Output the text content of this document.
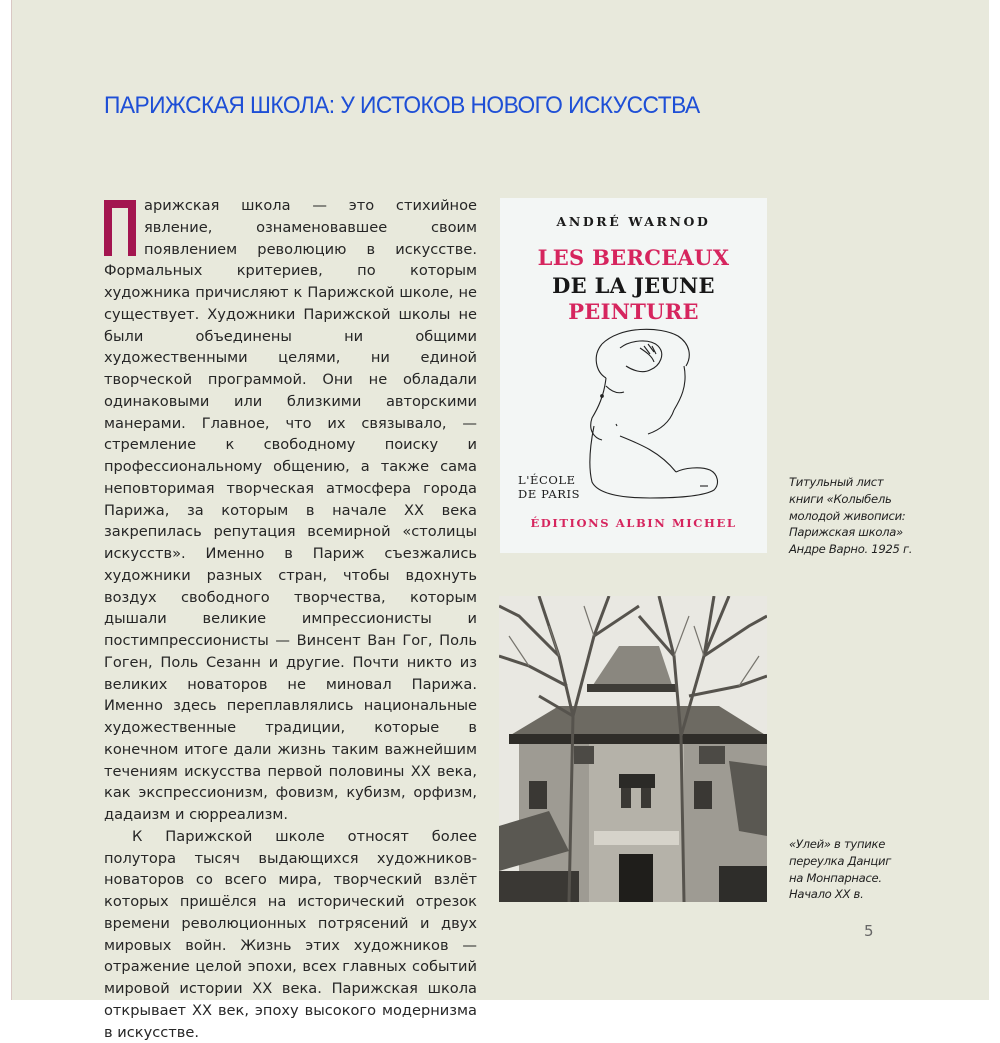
ПАРИЖСКАЯ ШКОЛА: У ИСТОКОВ НОВОГО ИСКУССТВА

арижская школа — это стихийное явление, ознаменовавшее своим появлением революцию в искусстве. Формальных критериев, по которым художника причисляют к Парижской школе, не существует. Художники Парижской школы не были объединены ни общими художественными целями, ни единой творческой программой. Они не обладали одинаковыми или близкими авторскими манерами. Главное, что их связывало, — стремление к свободному поиску и профессиональному общению, а также сама неповторимая творческая атмосфера города Парижа, за которым в начале XX века закрепилась репутация всемирной «столицы искусств». Именно в Париж съезжались художники разных стран, чтобы вдохнуть воздух свободного творчества, которым дышали великие импрессионисты и постимпрессионисты — Винсент Ван Гог, Поль Гоген, Поль Сезанн и другие. Почти никто из великих новаторов не миновал Парижа. Именно здесь переплавлялись национальные художественные традиции, которые в конечном итоге дали жизнь таким важнейшим течениям искусства первой половины XX века, как экспрессионизм, фовизм, кубизм, орфизм, дадаизм и сюрреализм.

К Парижской школе относят более полутора тысяч выдающихся художников-новаторов со всего мира, творческий взлёт которых пришёлся на исторический отрезок времени революционных потрясений и двух мировых войн. Жизнь этих художников — отражение целой эпохи, всех главных событий мировой истории XX века. Парижская школа открывает XX век, эпоху высокого модернизма в искусстве.

ANDRÉ WARNOD
LES BERCEAUX
DE LA JEUNE
PEINTURE
L'ÉCOLE
DE PARIS
ÉDITIONS ALBIN MICHEL
Титульный лист
книги «Колыбель
молодой живописи:
Парижская школа»
Андре Варно. 1925 г.
«Улей» в тупике
переулка Данциг
на Монпарнасе.
Начало XX в.
5
